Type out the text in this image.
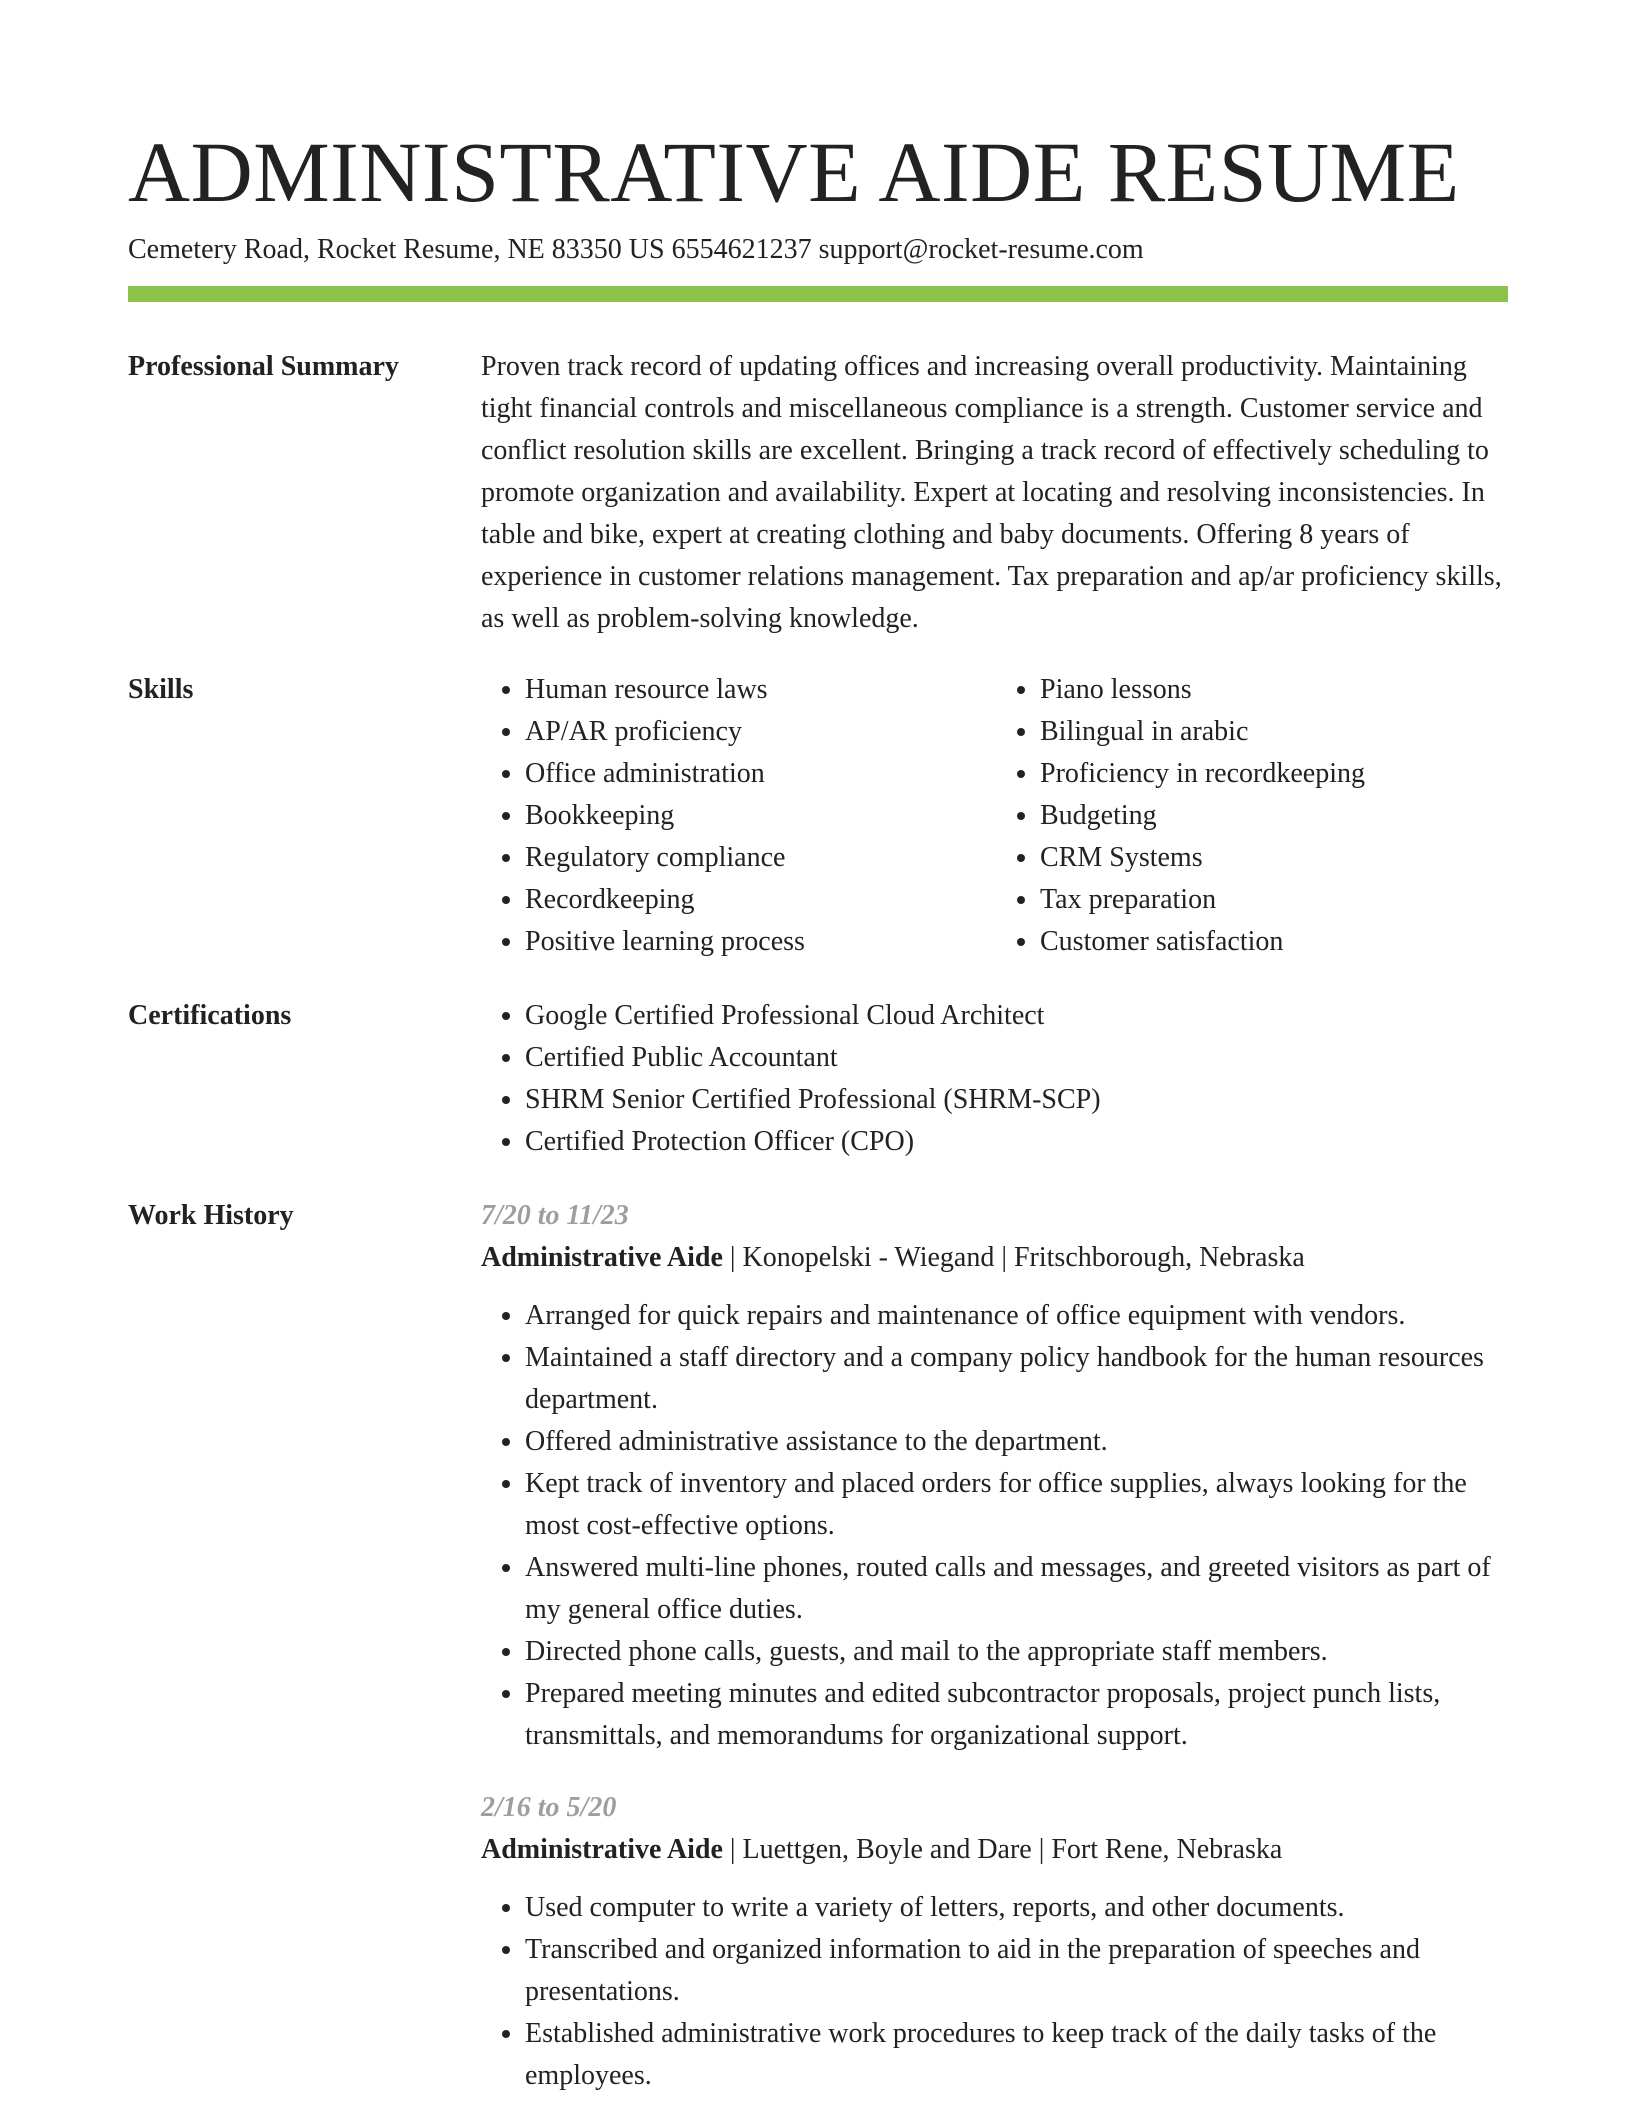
ADMINISTRATIVE AIDE RESUME
Cemetery Road, Rocket Resume, NE 83350 US 6554621237 support@rocket-resume.com
Professional Summary	Proven track record of updating offices and increasing overall productivity. Maintaining tight financial controls and miscellaneous compliance is a strength. Customer service and conflict resolution skills are excellent. Bringing a track record of effectively scheduling to promote organization and availability. Expert at locating and resolving inconsistencies. In table and bike, expert at creating clothing and baby documents. Offering 8 years of experience in customer relations management. Tax preparation and ap/ar proficiency skills, as well as problem-solving knowledge.

Skills	• Human resource laws
• AP/AR proficiency
• Office administration
• Bookkeeping
• Regulatory compliance
• Recordkeeping
• Positive learning process
• Piano lessons
• Bilingual in arabic
• Proficiency in recordkeeping
• Budgeting
• CRM Systems
• Tax preparation
• Customer satisfaction
Certifications	• Google Certified Professional Cloud Architect
• Certified Public Accountant
• SHRM Senior Certified Professional (SHRM-SCP)
• Certified Protection Officer (CPO)
Work History	7/20 to 11/23
Administrative Aide | Konopelski - Wiegand | Fritschborough, Nebraska
• Arranged for quick repairs and maintenance of office equipment with vendors.
• Maintained a staff directory and a company policy handbook for the human resources department.
• Offered administrative assistance to the department.
• Kept track of inventory and placed orders for office supplies, always looking for the most cost-effective options.
• Answered multi-line phones, routed calls and messages, and greeted visitors as part of my general office duties.
• Directed phone calls, guests, and mail to the appropriate staff members.
• Prepared meeting minutes and edited subcontractor proposals, project punch lists, transmittals, and memorandums for organizational support.
2/16 to 5/20
Administrative Aide | Luettgen, Boyle and Dare | Fort Rene, Nebraska
• Used computer to write a variety of letters, reports, and other documents.
• Transcribed and organized information to aid in the preparation of speeches and presentations.
• Established administrative work procedures to keep track of the daily tasks of the employees.
